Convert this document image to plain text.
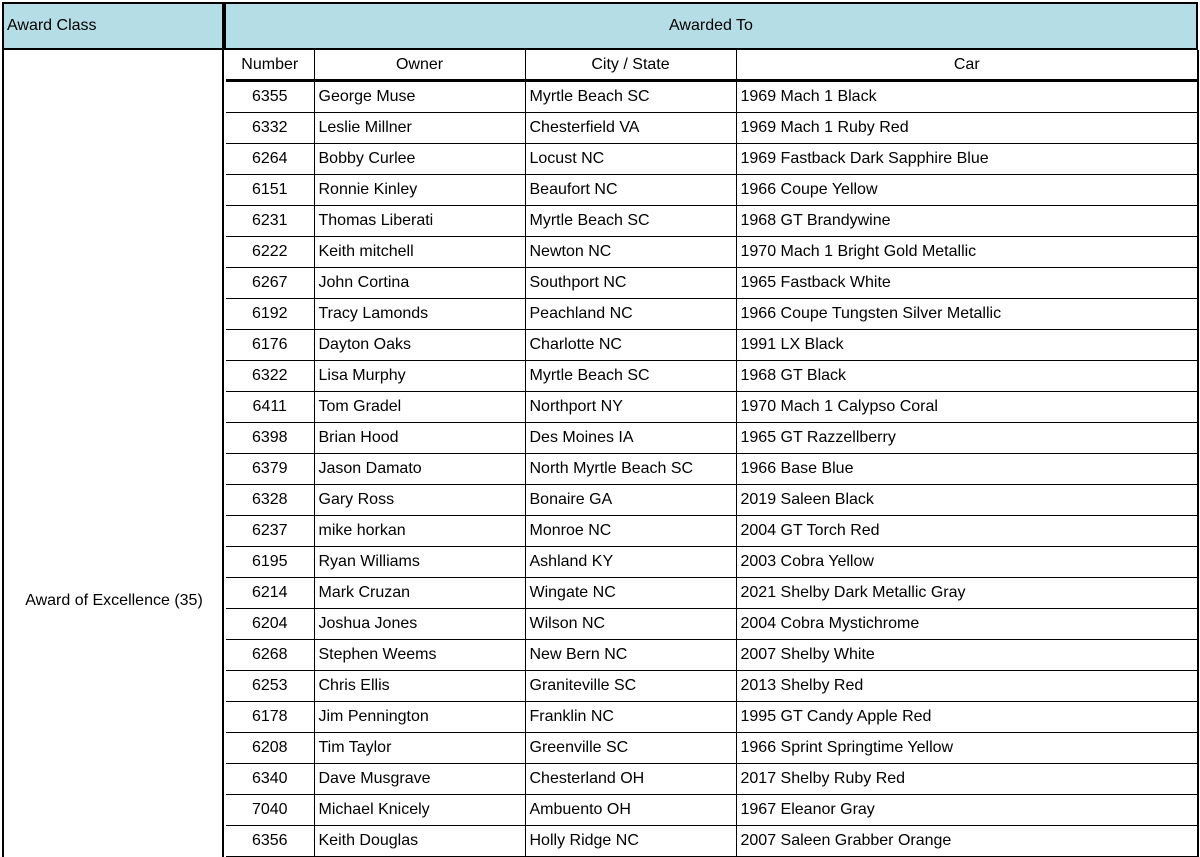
Award Class	Awarded To
Award of Excellence (35)
Number	Owner	City / State	Car
6355	George Muse	Myrtle Beach SC	1969 Mach 1 Black
6332	Leslie Millner	Chesterfield VA	1969 Mach 1 Ruby Red
6264	Bobby Curlee	Locust NC	1969 Fastback Dark Sapphire Blue
6151	Ronnie Kinley	Beaufort NC	1966 Coupe Yellow
6231	Thomas Liberati	Myrtle Beach SC	1968 GT Brandywine
6222	Keith mitchell	Newton NC	1970 Mach 1 Bright Gold Metallic
6267	John Cortina	Southport NC	1965 Fastback White
6192	Tracy Lamonds	Peachland NC	1966 Coupe Tungsten Silver Metallic
6176	Dayton Oaks	Charlotte NC	1991 LX Black
6322	Lisa Murphy	Myrtle Beach SC	1968 GT Black
6411	Tom Gradel	Northport NY	1970 Mach 1 Calypso Coral
6398	Brian Hood	Des Moines IA	1965 GT Razzellberry
6379	Jason Damato	North Myrtle Beach SC	1966 Base Blue
6328	Gary Ross	Bonaire GA	2019 Saleen Black
6237	mike horkan	Monroe NC	2004 GT Torch Red
6195	Ryan Williams	Ashland KY	2003 Cobra Yellow
6214	Mark Cruzan	Wingate NC	2021 Shelby Dark Metallic Gray
6204	Joshua Jones	Wilson NC	2004 Cobra Mystichrome
6268	Stephen Weems	New Bern NC	2007 Shelby White
6253	Chris Ellis	Graniteville SC	2013 Shelby Red
6178	Jim Pennington	Franklin NC	1995 GT Candy Apple Red
6208	Tim Taylor	Greenville SC	1966 Sprint Springtime Yellow
6340	Dave Musgrave	Chesterland OH	2017 Shelby Ruby Red
7040	Michael Knicely	Ambuento OH	1967 Eleanor Gray
6356	Keith Douglas	Holly Ridge NC	2007 Saleen Grabber Orange
